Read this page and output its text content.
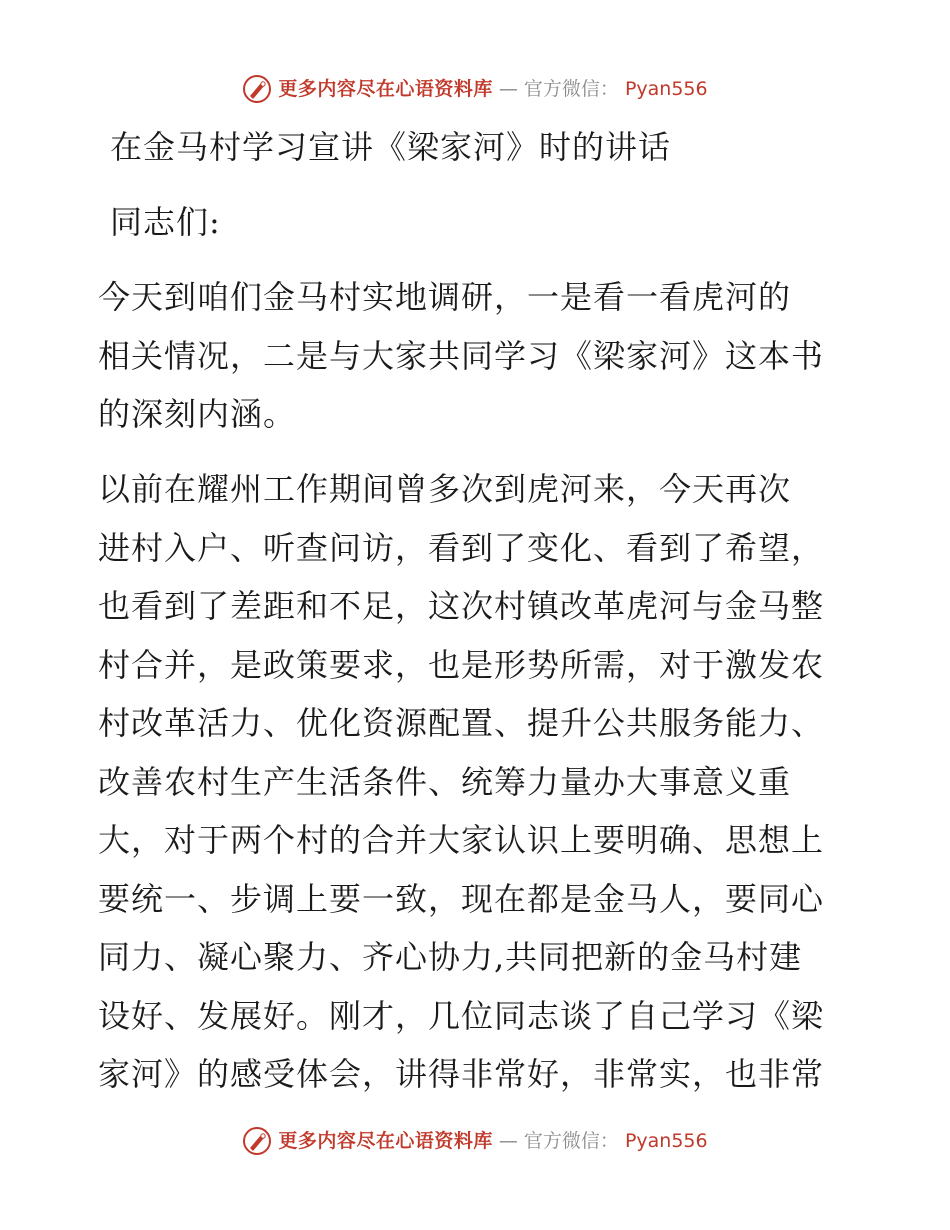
更多内容尽在心语资料库 — 官方微信： Pyan556
在金马村学习宣讲《梁家河》时的讲话
同志们:

今天到咱们金马村实地调研，一是看一看虎河的
相关情况，二是与大家共同学习《梁家河》这本书
的深刻内涵。

以前在耀州工作期间曾多次到虎河来，今天再次
进村入户、听查问访，看到了变化、看到了希望，
也看到了差距和不足，这次村镇改革虎河与金马整
村合并，是政策要求，也是形势所需，对于激发农
村改革活力、优化资源配置、提升公共服务能力、
改善农村生产生活条件、统筹力量办大事意义重
大，对于两个村的合并大家认识上要明确、思想上
要统一、步调上要一致，现在都是金马人，要同心
同力、凝心聚力、齐心协力,共同把新的金马村建
设好、发展好。刚才，几位同志谈了自己学习《梁
家河》的感受体会，讲得非常好，非常实，也非常

更多内容尽在心语资料库 — 官方微信： Pyan556
